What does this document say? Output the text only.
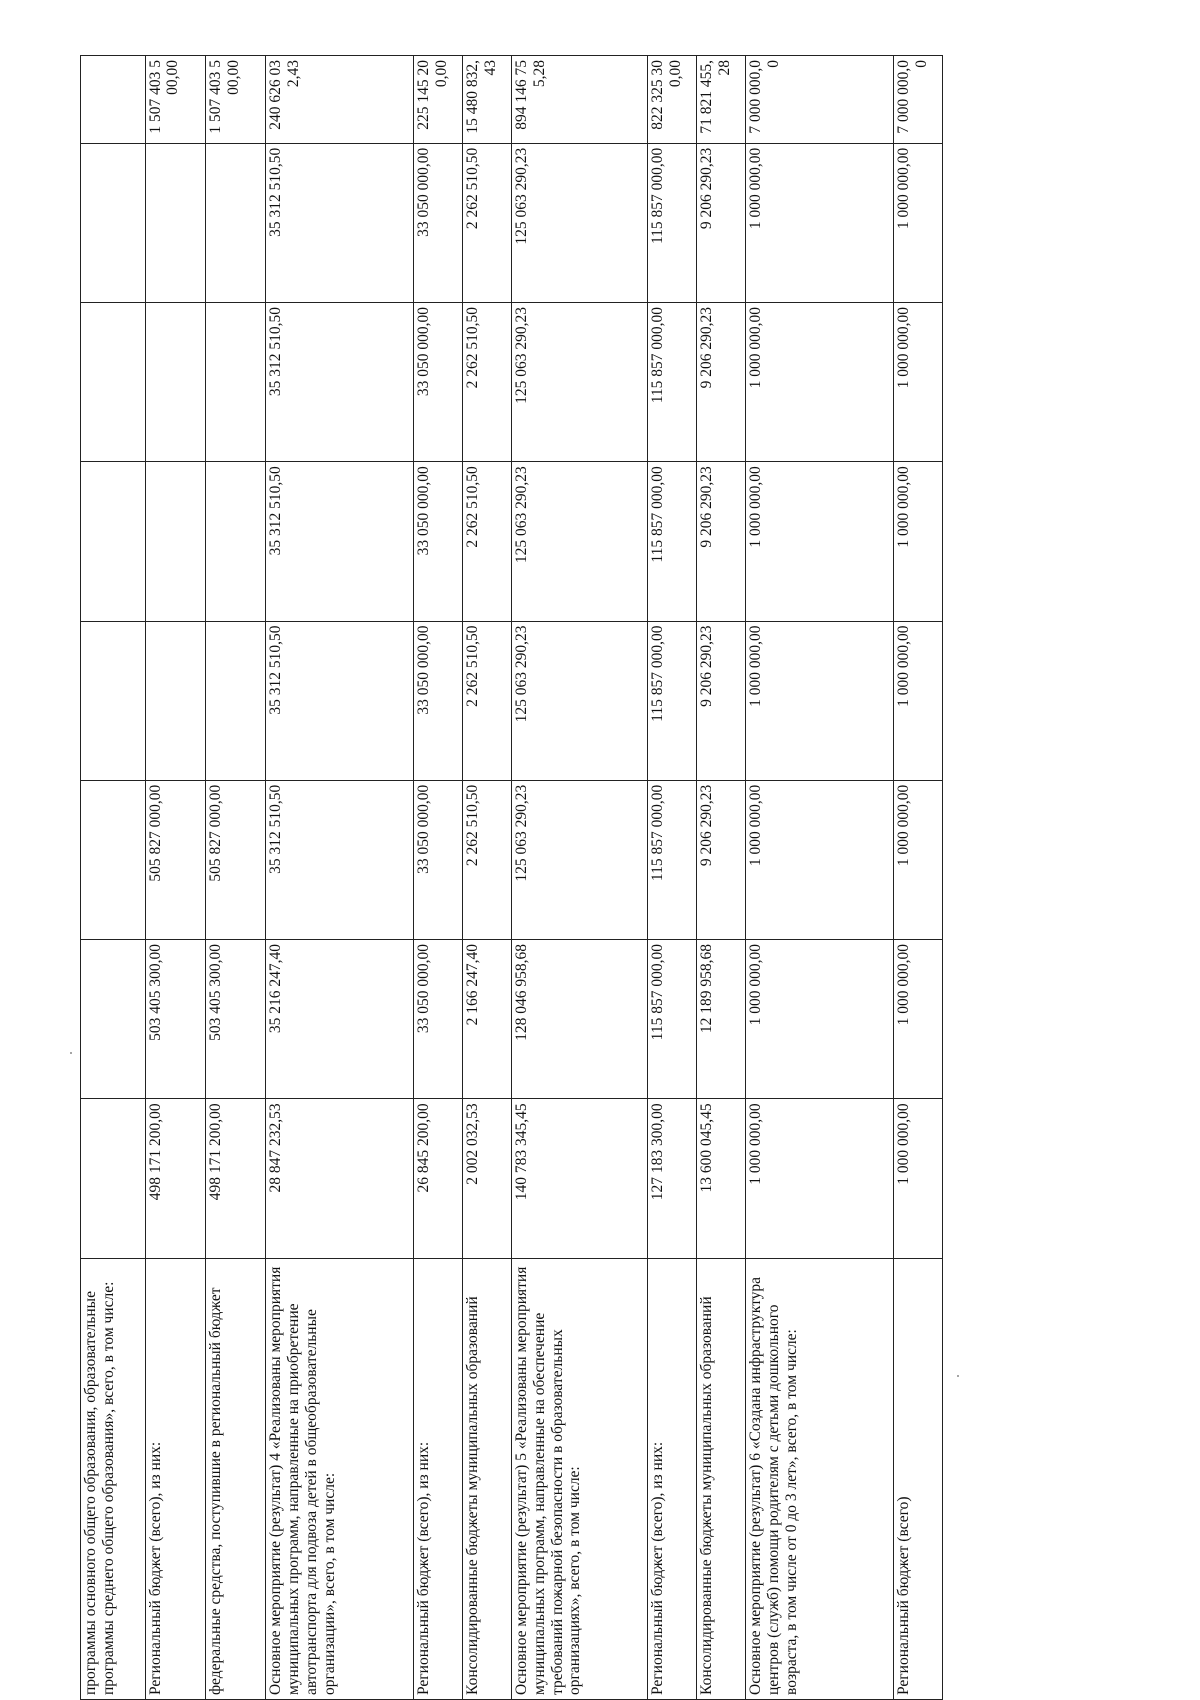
программы основного общего образования, образовательные программы среднего общего образования», всего, в том числе:									
Региональный бюджет (всего), из них:	498 171 200,00	503 405 300,00	505 827 000,00						1 507 403 500,00
федеральные средства, поступившие в региональный бюджет	498 171 200,00	503 405 300,00	505 827 000,00						1 507 403 500,00
Основное мероприятие (результат) 4 «Реализованы мероприятия муниципальных программ, направленные на приобретение автотранспорта для подвоза детей в общеобразовательные организации», всего, в том числе:	28 847 232,53	35 216 247,40	35 312 510,50	35 312 510,50	35 312 510,50	35 312 510,50	35 312 510,50		240 626 032,43
Региональный бюджет (всего), из них:	26 845 200,00	33 050 000,00	33 050 000,00	33 050 000,00	33 050 000,00	33 050 000,00	33 050 000,00		225 145 200,00
Консолидированные бюджеты муниципальных образований	2 002 032,53	2 166 247,40	2 262 510,50	2 262 510,50	2 262 510,50	2 262 510,50	2 262 510,50		15 480 832,43
Основное мероприятие (результат) 5 «Реализованы мероприятия муниципальных программ, направленные на обеспечение требований пожарной безопасности в образовательных организациях», всего, в том числе:	140 783 345,45	128 046 958,68	125 063 290,23	125 063 290,23	125 063 290,23	125 063 290,23	125 063 290,23		894 146 755,28
Региональный бюджет (всего), из них:	127 183 300,00	115 857 000,00	115 857 000,00	115 857 000,00	115 857 000,00	115 857 000,00	115 857 000,00		822 325 300,00
Консолидированные бюджеты муниципальных образований	13 600 045,45	12 189 958,68	9 206 290,23	9 206 290,23	9 206 290,23	9 206 290,23	9 206 290,23		71 821 455,28
Основное мероприятие (результат) 6 «Создана инфраструктура центров (служб) помощи родителям с детьми дошкольного возраста, в том числе от 0 до 3 лет», всего, в том числе:	1 000 000,00	1 000 000,00	1 000 000,00	1 000 000,00	1 000 000,00	1 000 000,00	1 000 000,00		7 000 000,00
Региональный бюджет (всего)	1 000 000,00	1 000 000,00	1 000 000,00	1 000 000,00	1 000 000,00	1 000 000,00	1 000 000,00		7 000 000,00
